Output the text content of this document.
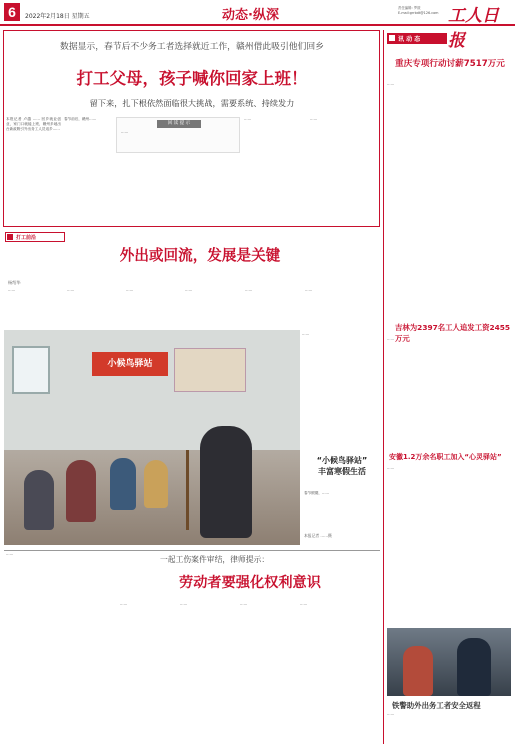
6	2022年2月18日 星期五	动态·纵深	责任编辑: 罗筱
E-mail:grrbdt@126.com 工人日报
数据显示，春节后不少务工者选择就近工作，赣州借此吸引他们回乡
打工父母，孩子喊你回家上班！
留下来，扎下根依然面临很大挑战，需要系统、持续发力
本报记者 卢越 …… 回乡就业创业，家门口就能上班，赣州多地出台新政吸引外出务工人员返乡……
春节前后，赣州……	……	……
回 读 提 示
……
打工前沿
外出或回流，发展是关键
杨绍华
……	……	……	……	……	……
小候鸟驿站
“小候鸟驿站”
丰富寒假生活
春节假期，……
本报记者 ……摄
……
……
一起工伤案件审结，律师提示：
劳动者要强化权利意识
……	……	……	……
讯 动 态
重庆专项行动讨薪7517万元
……
吉林为2397名工人追发工资2455万元
……
安徽1.2万余名职工加入“心灵驿站”
……
铁警助外出务工者安全返程
……
